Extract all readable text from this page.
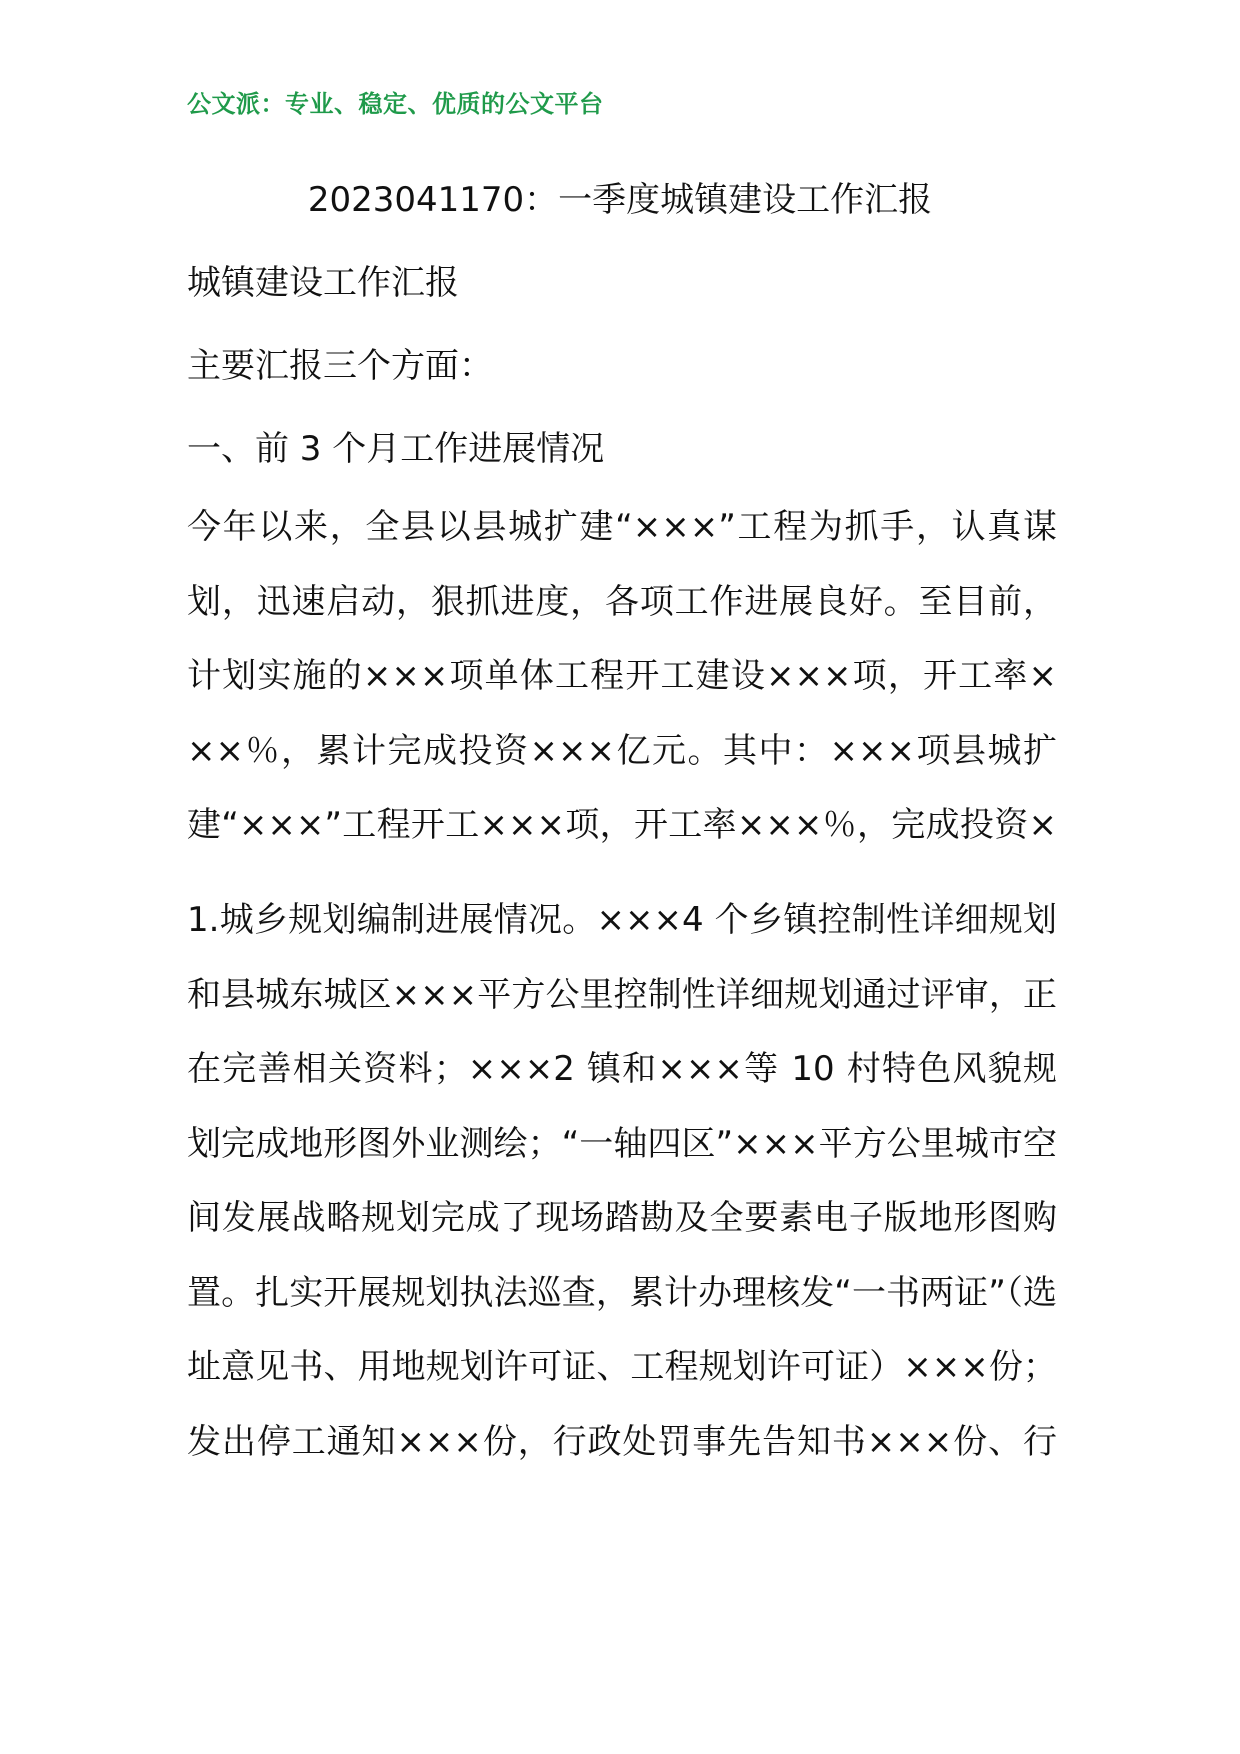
公文派：专业、稳定、优质的公文平台
2023041170：一季度城镇建设工作汇报
城镇建设工作汇报
主要汇报三个方面：
一、前 3 个月工作进展情况

今年以来，全县以县城扩建“×××”工程为抓手，认真谋划，迅速启动，狠抓进度，各项工作进展良好。至目前，计划实施的×××项单体工程开工建设×××项，开工率×××％，累计完成投资×××亿元。其中：×××项县城扩建“×××”工程开工×××项，开工率×××％，完成投资×

1.城乡规划编制进展情况。×××4 个乡镇控制性详细规划和县城东城区×××平方公里控制性详细规划通过评审，正在完善相关资料；×××2 镇和×××等 10 村特色风貌规划完成地形图外业测绘；“一轴四区”×××平方公里城市空间发展战略规划完成了现场踏勘及全要素电子版地形图购置。扎实开展规划执法巡查，累计办理核发“一书两证”（选址意见书、用地规划许可证、工程规划许可证）×××份；发出停工通知×××份，行政处罚事先告知书×××份、行
